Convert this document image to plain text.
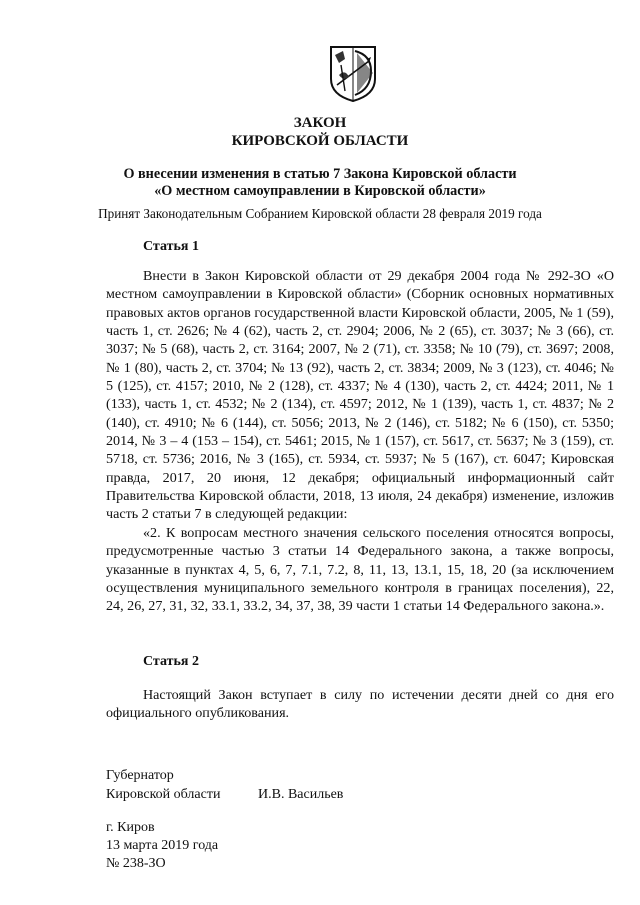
ЗАКОН
КИРОВСКОЙ ОБЛАСТИ
О внесении изменения в статью 7 Закона Кировской области
«О местном самоуправлении в Кировской области»
Принят Законодательным Собранием Кировской области 28 февраля 2019 года
Статья 1

Внести в Закон Кировской области от 29 декабря 2004 года № 292-ЗО «О местном самоуправлении в Кировской области» (Сборник основных нормативных правовых актов органов государственной власти Кировской области, 2005, № 1 (59), часть 1, ст. 2626; № 4 (62), часть 2, ст. 2904; 2006, № 2 (65), ст. 3037; № 3 (66), ст. 3037; № 5 (68), часть 2, ст. 3164; 2007, № 2 (71), ст. 3358; № 10 (79), ст. 3697; 2008, № 1 (80), часть 2, ст. 3704; № 13 (92), часть 2, ст. 3834; 2009, № 3 (123), ст. 4046; № 5 (125), ст. 4157; 2010, № 2 (128), ст. 4337; № 4 (130), часть 2, ст. 4424; 2011, № 1 (133), часть 1, ст. 4532; № 2 (134), ст. 4597; 2012, № 1 (139), часть 1, ст. 4837; № 2 (140), ст. 4910; № 6 (144), ст. 5056; 2013, № 2 (146), ст. 5182; № 6 (150), ст. 5350; 2014, № 3 – 4 (153 – 154), ст. 5461; 2015, № 1 (157), ст. 5617, ст. 5637; № 3 (159), ст. 5718, ст. 5736; 2016, № 3 (165), ст. 5934, ст. 5937; № 5 (167), ст. 6047; Кировская правда, 2017, 20 июня, 12 декабря; официальный информационный сайт Правительства Кировской области, 2018, 13 июля, 24 декабря) изменение, изложив часть 2 статьи 7 в следующей редакции:

«2. К вопросам местного значения сельского поселения относятся вопросы, предусмотренные частью 3 статьи 14 Федерального закона, а также вопросы, указанные в пунктах 4, 5, 6, 7, 7.1, 7.2, 8, 11, 13, 13.1, 15, 18, 20 (за исключением осуществления муниципального земельного контроля в границах поселения), 22, 24, 26, 27, 31, 32, 33.1, 33.2, 34, 37, 38, 39 части 1 статьи 14 Федерального закона.».

Статья 2

Настоящий Закон вступает в силу по истечении десяти дней со дня его официального опубликования.

Губернатор
Кировской области	И.В. Васильев
г. Киров
13 марта 2019 года
№ 238-ЗО
